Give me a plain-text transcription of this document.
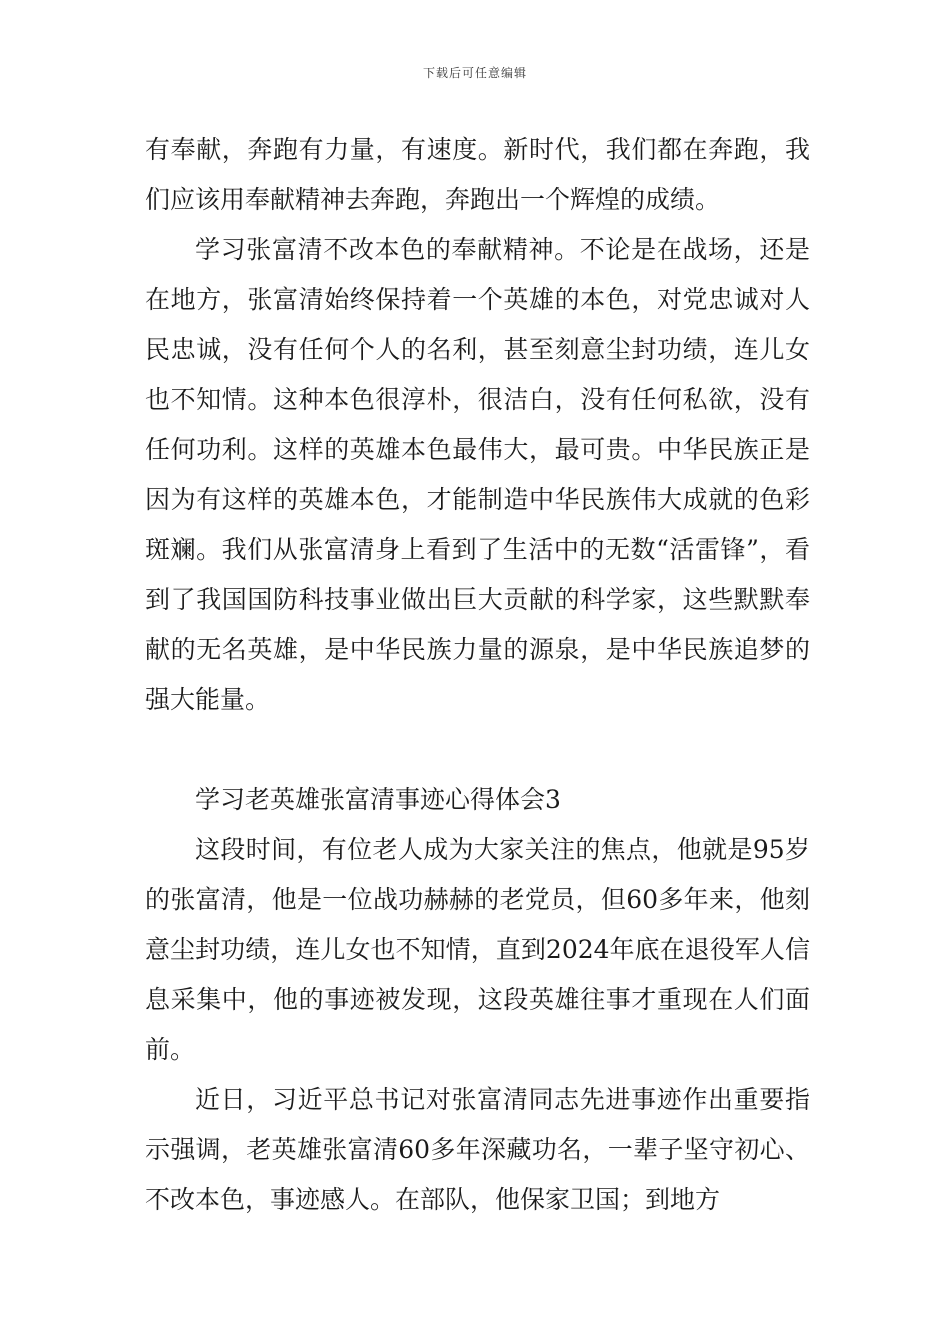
下载后可任意编辑

有奉献，奔跑有力量，有速度。新时代，我们都在奔跑，我们应该用奉献精神去奔跑，奔跑出一个辉煌的成绩。

学习张富清不改本色的奉献精神。不论是在战场，还是在地方，张富清始终保持着一个英雄的本色，对党忠诚对人民忠诚，没有任何个人的名利，甚至刻意尘封功绩，连儿女也不知情。这种本色很淳朴，很洁白，没有任何私欲，没有任何功利。这样的英雄本色最伟大，最可贵。中华民族正是因为有这样的英雄本色，才能制造中华民族伟大成就的色彩斑斓。我们从张富清身上看到了生活中的无数“活雷锋”，看到了我国国防科技事业做出巨大贡献的科学家，这些默默奉献的无名英雄，是中华民族力量的源泉，是中华民族追梦的强大能量。

学习老英雄张富清事迹心得体会3

这段时间，有位老人成为大家关注的焦点，他就是95岁的张富清，他是一位战功赫赫的老党员，但60多年来，他刻意尘封功绩，连儿女也不知情，直到2024年底在退役军人信息采集中，他的事迹被发现，这段英雄往事才重现在人们面前。

近日，习近平总书记对张富清同志先进事迹作出重要指示强调，老英雄张富清60多年深藏功名，一辈子坚守初心、不改本色，事迹感人。在部队，他保家卫国；到地方
